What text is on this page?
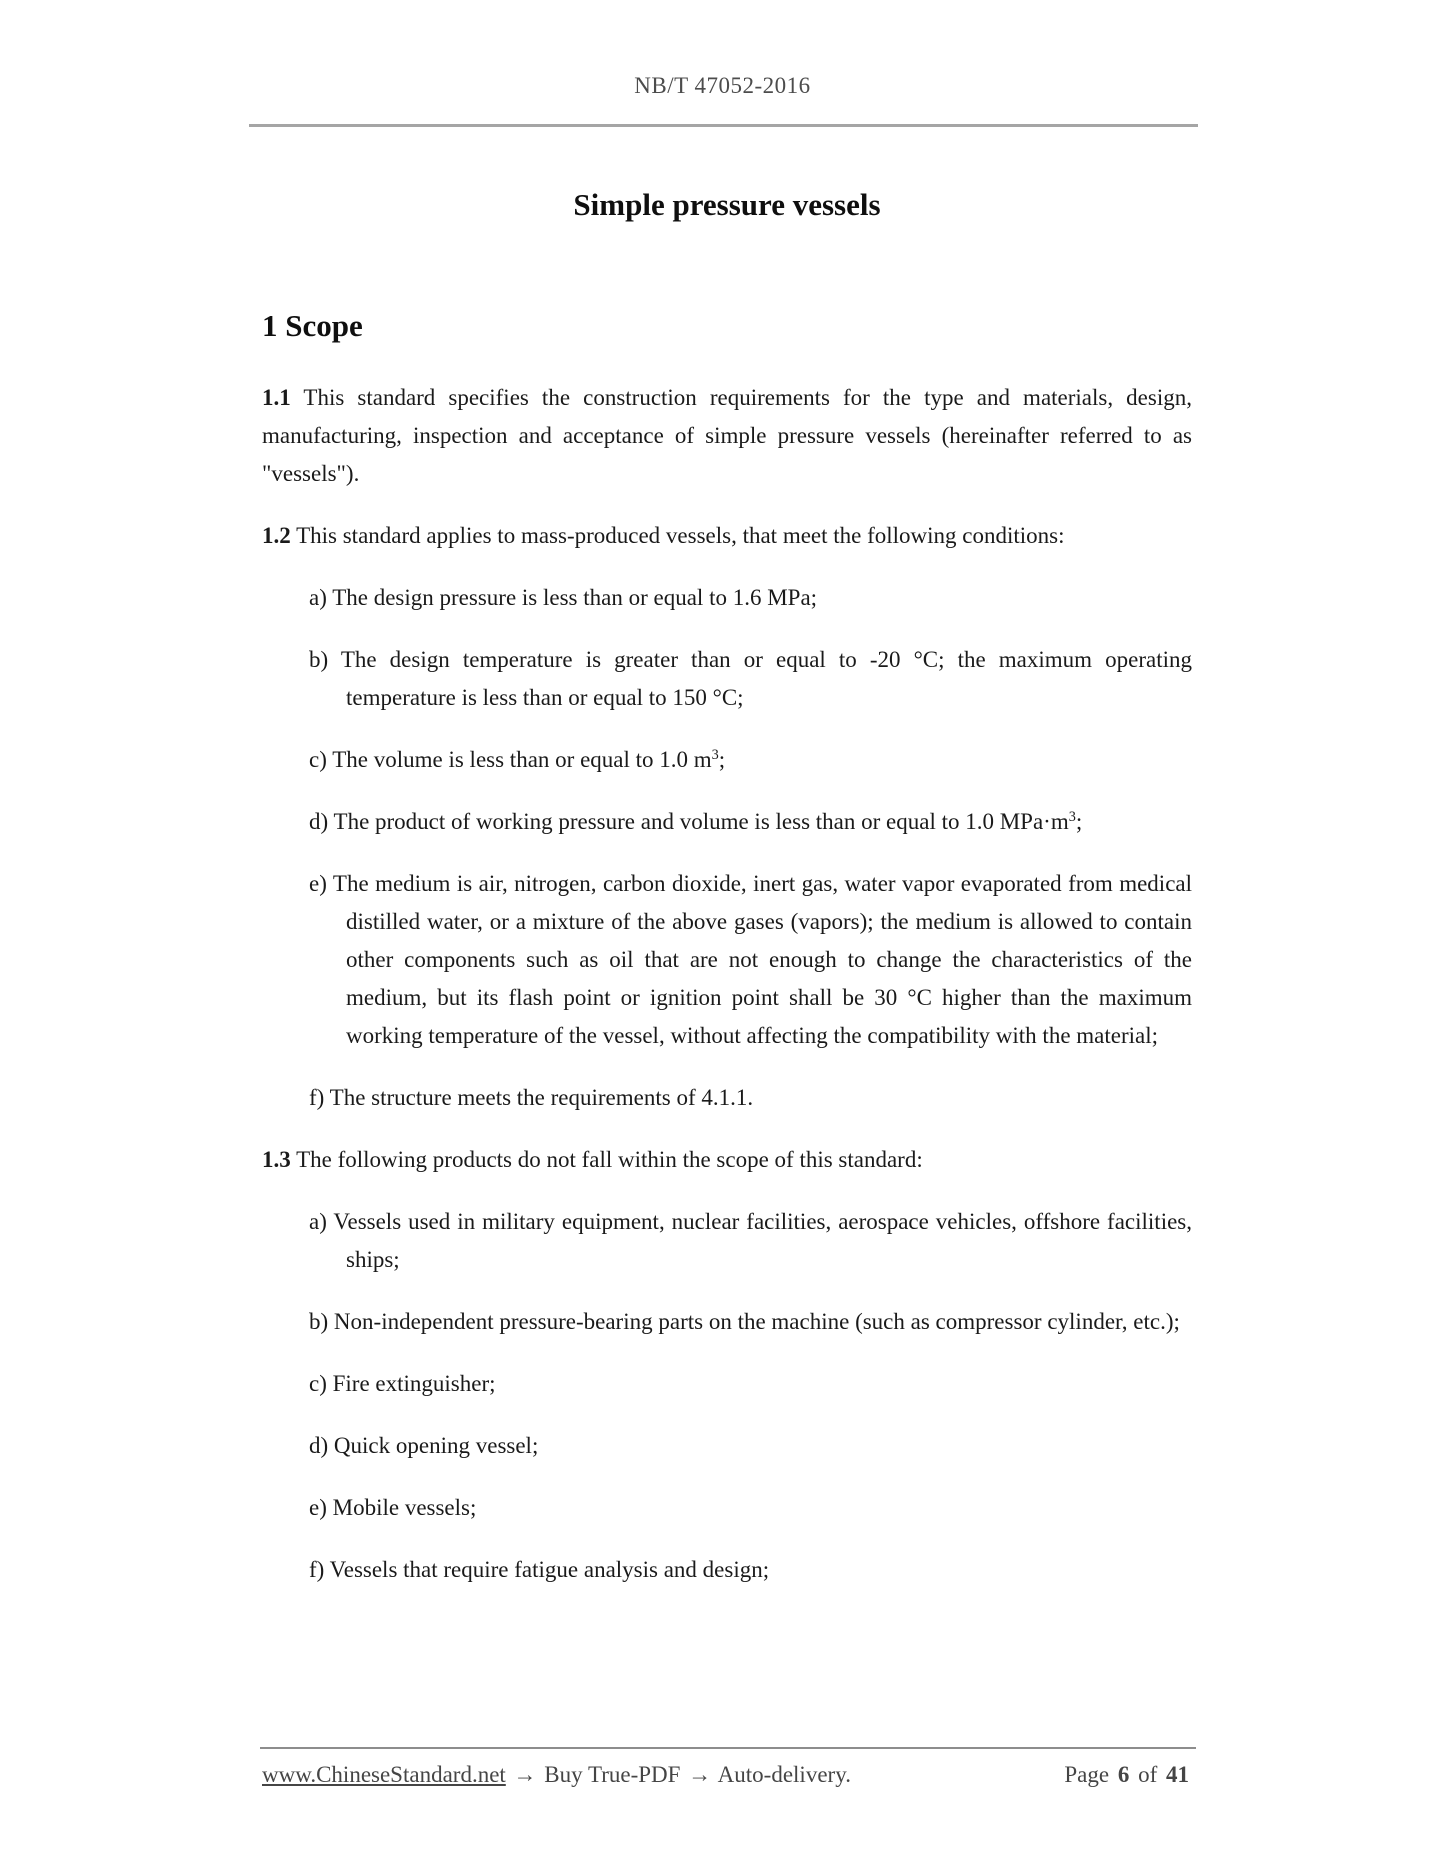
NB/T 47052-2016
Simple pressure vessels
1 Scope
1.1 This standard specifies the construction requirements for the type and materials, design, manufacturing, inspection and acceptance of simple pressure vessels (hereinafter referred to as "vessels").
1.2 This standard applies to mass-produced vessels, that meet the following conditions:
a) The design pressure is less than or equal to 1.6 MPa;
b) The design temperature is greater than or equal to -20 °C; the maximum operating temperature is less than or equal to 150 °C;
c) The volume is less than or equal to 1.0 $m^3$;
d) The product of working pressure and volume is less than or equal to 1.0 $MPa\cdot m^3$;
e) The medium is air, nitrogen, carbon dioxide, inert gas, water vapor evaporated from medical distilled water, or a mixture of the above gases (vapors); the medium is allowed to contain other components such as oil that are not enough to change the characteristics of the medium, but its flash point or ignition point shall be 30 °C higher than the maximum working temperature of the vessel, without affecting the compatibility with the material;
f) The structure meets the requirements of 4.1.1.
1.3 The following products do not fall within the scope of this standard:
a) Vessels used in military equipment, nuclear facilities, aerospace vehicles, offshore facilities, ships;
b) Non-independent pressure-bearing parts on the machine (such as compressor cylinder, etc.);
c) Fire extinguisher;
d) Quick opening vessel;
e) Mobile vessels;
f) Vessels that require fatigue analysis and design;
www.ChineseStandard.net → Buy True-PDF → Auto-delivery.	Page 6 of 41
